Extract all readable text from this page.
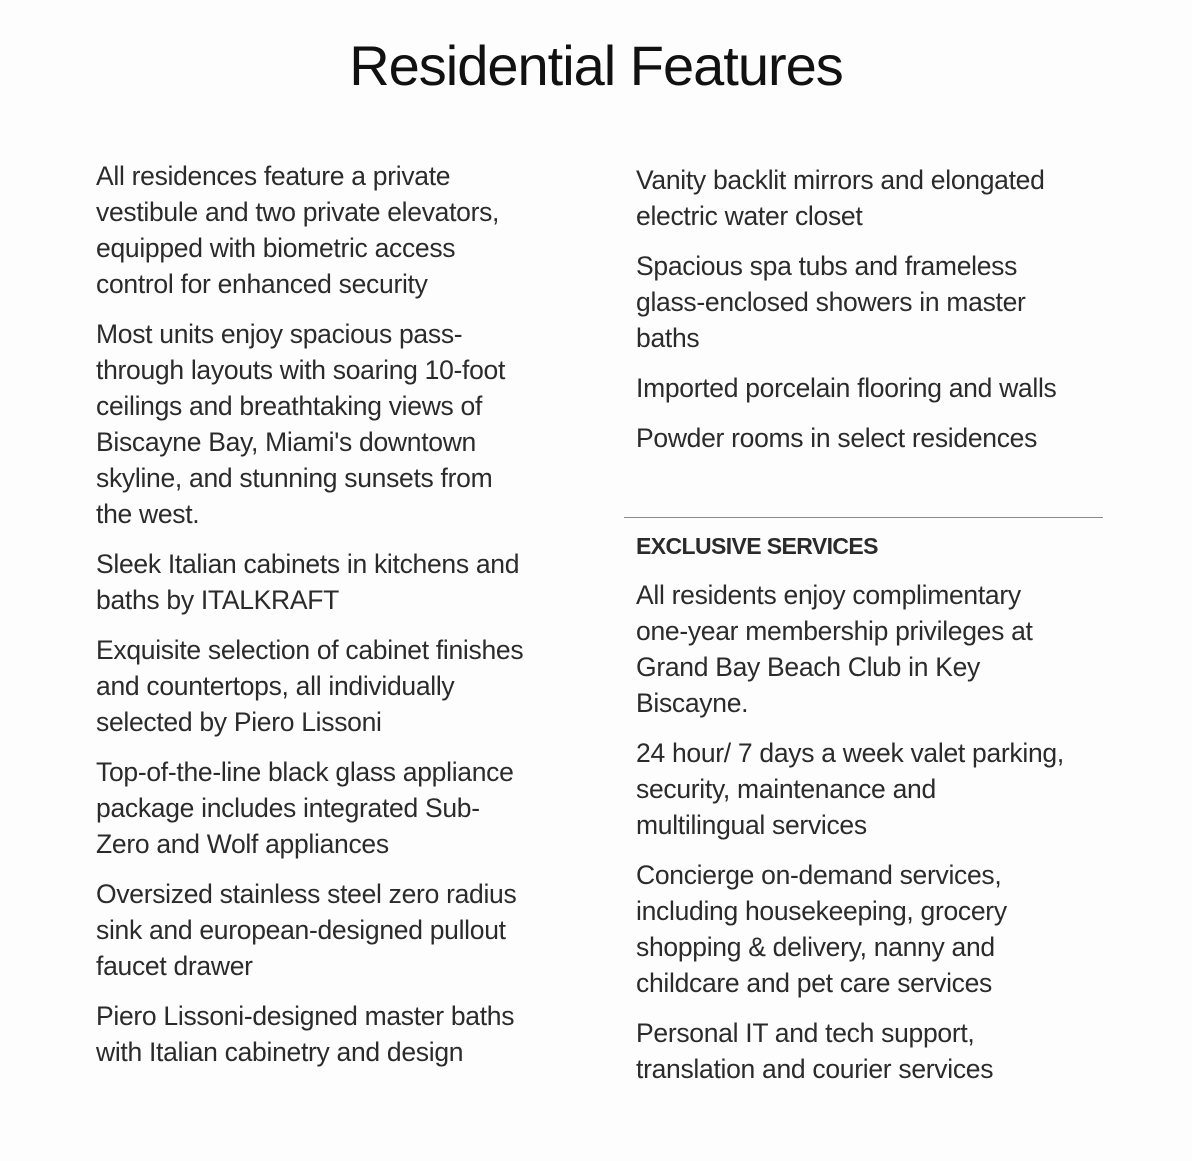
Residential Features

All residences feature a private
vestibule and two private elevators,
equipped with biometric access
control for enhanced security

Most units enjoy spacious pass-
through layouts with soaring 10-foot
ceilings and breathtaking views of
Biscayne Bay, Miami's downtown
skyline, and stunning sunsets from
the west.

Sleek Italian cabinets in kitchens and
baths by ITALKRAFT

Exquisite selection of cabinet finishes
and countertops, all individually
selected by Piero Lissoni

Top-of-the-line black glass appliance
package includes integrated Sub-
Zero and Wolf appliances

Oversized stainless steel zero radius
sink and european-designed pullout
faucet drawer

Piero Lissoni-designed master baths
with Italian cabinetry and design

Vanity backlit mirrors and elongated
electric water closet

Spacious spa tubs and frameless
glass-enclosed showers in master
baths

Imported porcelain flooring and walls

Powder rooms in select residences

EXCLUSIVE SERVICES

All residents enjoy complimentary
one-year membership privileges at
Grand Bay Beach Club in Key
Biscayne.

24 hour/ 7 days a week valet parking,
security, maintenance and
multilingual services

Concierge on-demand services,
including housekeeping, grocery
shopping & delivery, nanny and
childcare and pet care services

Personal IT and tech support,
translation and courier services
